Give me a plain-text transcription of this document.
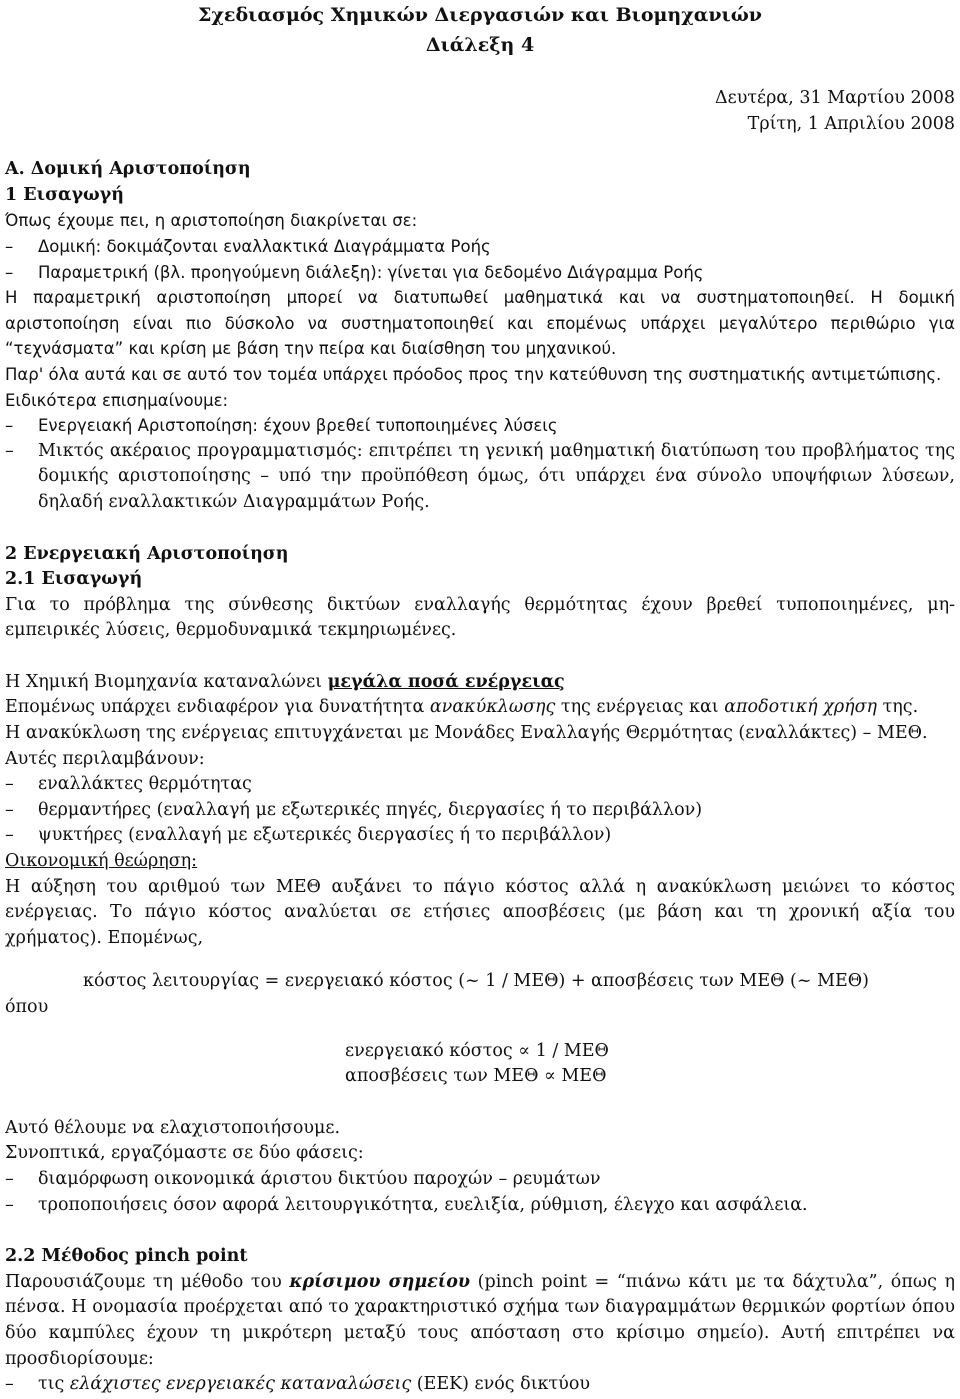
Σχεδιασμός Χημικών Διεργασιών και Βιομηχανιών
Διάλεξη 4
Δευτέρα, 31 Μαρτίου 2008
Τρίτη, 1 Απριλίου 2008
Α. Δομική Αριστοποίηση
1 Εισαγωγή
Όπως έχουμε πει, η αριστοποίηση διακρίνεται σε:
– Δομική: δοκιμάζονται εναλλακτικά Διαγράμματα Ροής
– Παραμετρική (βλ. προηγούμενη διάλεξη): γίνεται για δεδομένο Διάγραμμα Ροής
Η παραμετρική αριστοποίηση μπορεί να διατυπωθεί μαθηματικά και να συστηματοποιηθεί. Η δομική αριστοποίηση είναι πιο δύσκολο να συστηματοποιηθεί και επομένως υπάρχει μεγαλύτερο περιθώριο για “τεχνάσματα” και κρίση με βάση την πείρα και διαίσθηση του μηχανικού.
Παρ' όλα αυτά και σε αυτό τον τομέα υπάρχει πρόοδος προς την κατεύθυνση της συστηματικής αντιμετώπισης.
Ειδικότερα επισημαίνουμε:
– Ενεργειακή Αριστοποίηση: έχουν βρεθεί τυποποιημένες λύσεις
– Μικτός ακέραιος προγραμματισμός: επιτρέπει τη γενική μαθηματική διατύπωση του προβλήματος της δομικής αριστοποίησης – υπό την προϋπόθεση όμως, ότι υπάρχει ένα σύνολο υποψήφιων λύσεων, δηλαδή εναλλακτικών Διαγραμμάτων Ροής.
2 Ενεργειακή Αριστοποίηση
2.1 Εισαγωγή
Για το πρόβλημα της σύνθεσης δικτύων εναλλαγής θερμότητας έχουν βρεθεί τυποποιημένες, μη-εμπειρικές λύσεις, θερμοδυναμικά τεκμηριωμένες.
Η Χημική Βιομηχανία καταναλώνει μεγάλα ποσά ενέργειας
Επομένως υπάρχει ενδιαφέρον για δυνατήτητα ανακύκλωσης της ενέργειας και αποδοτική χρήση της.
Η ανακύκλωση της ενέργειας επιτυγχάνεται με Μονάδες Εναλλαγής Θερμότητας (εναλλάκτες) – ΜΕΘ.
Αυτές περιλαμβάνουν:
– εναλλάκτες θερμότητας
– θερμαντήρες (εναλλαγή με εξωτερικές πηγές, διεργασίες ή το περιβάλλον)
– ψυκτήρες (εναλλαγή με εξωτερικές διεργασίες ή το περιβάλλον)
Οικονομική θεώρηση:
Η αύξηση του αριθμού των ΜΕΘ αυξάνει το πάγιο κόστος αλλά η ανακύκλωση μειώνει το κόστος ενέργειας. Το πάγιο κόστος αναλύεται σε ετήσιες αποσβέσεις (με βάση και τη χρονική αξία του χρήματος). Επομένως,
κόστος λειτουργίας = ενεργειακό κόστος (~ 1 / ΜΕΘ) + αποσβέσεις των ΜΕΘ (~ ΜΕΘ)
όπου
ενεργειακό κόστος ∝ 1 / ΜΕΘ
αποσβέσεις των ΜΕΘ ∝ ΜΕΘ
Αυτό θέλουμε να ελαχιστοποιήσουμε.
Συνοπτικά, εργαζόμαστε σε δύο φάσεις:
– διαμόρφωση οικονομικά άριστου δικτύου παροχών – ρευμάτων
– τροποποιήσεις όσον αφορά λειτουργικότητα, ευελιξία, ρύθμιση, έλεγχο και ασφάλεια.
2.2 Μέθοδος pinch point
Παρουσιάζουμε τη μέθοδο του κρίσιμου σημείου (pinch point = “πιάνω κάτι με τα δάχτυλα”, όπως η πένσα. Η ονομασία προέρχεται από το χαρακτηριστικό σχήμα των διαγραμμάτων θερμικών φορτίων όπου δύο καμπύλες έχουν τη μικρότερη μεταξύ τους απόσταση στο κρίσιμο σημείο). Αυτή επιτρέπει να προσδιορίσουμε:
– τις ελάχιστες ενεργειακές καταναλώσεις (ΕΕΚ) ενός δικτύου
